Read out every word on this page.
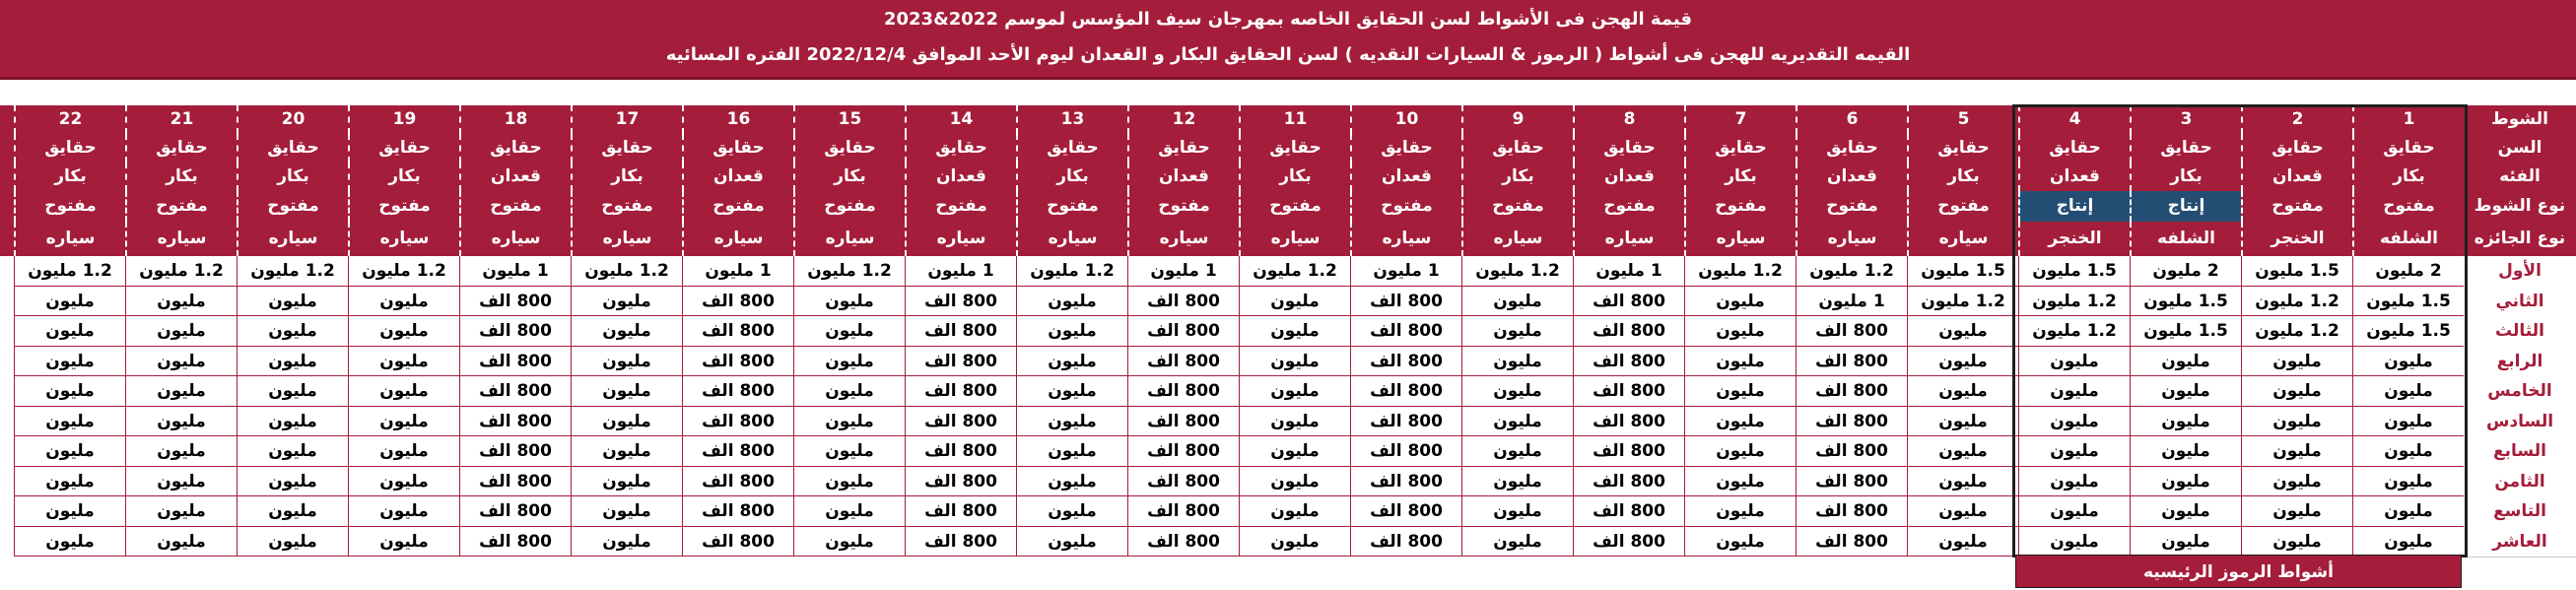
قيمة الهجن فى الأشواط لسن الحقايق الخاصه بمهرجان سيف المؤسس لموسم 2022&2023
القيمه التقديريه للهجن فى أشواط ( الرموز & السيارات النقديه ) لسن الحقايق البكار و القعدان ليوم الأحد الموافق 2022/12/4 الفتره المسائيه
الشوط
السن
الفئه
نوع الشوط
نوع الجائزه
الأول
الثاني
الثالث
الرابع
الخامس
السادس
السابع
الثامن
التاسع
العاشر
1
حقايق
بكار
مفتوح
الشلفه
2 مليون
1.5 مليون
1.5 مليون
مليون
مليون
مليون
مليون
مليون
مليون
مليون
2
حقايق
قعدان
مفتوح
الخنجر
1.5 مليون
1.2 مليون
1.2 مليون
مليون
مليون
مليون
مليون
مليون
مليون
مليون
3
حقايق
بكار
إنتاج
الشلفه
2 مليون
1.5 مليون
1.5 مليون
مليون
مليون
مليون
مليون
مليون
مليون
مليون
4
حقايق
قعدان
إنتاج
الخنجر
1.5 مليون
1.2 مليون
1.2 مليون
مليون
مليون
مليون
مليون
مليون
مليون
مليون
5
حقايق
بكار
مفتوح
سياره
1.5 مليون
1.2 مليون
مليون
مليون
مليون
مليون
مليون
مليون
مليون
مليون
6
حقايق
قعدان
مفتوح
سياره
1.2 مليون
1 مليون
800 الف
800 الف
800 الف
800 الف
800 الف
800 الف
800 الف
800 الف
7
حقايق
بكار
مفتوح
سياره
1.2 مليون
مليون
مليون
مليون
مليون
مليون
مليون
مليون
مليون
مليون
8
حقايق
قعدان
مفتوح
سياره
1 مليون
800 الف
800 الف
800 الف
800 الف
800 الف
800 الف
800 الف
800 الف
800 الف
9
حقايق
بكار
مفتوح
سياره
1.2 مليون
مليون
مليون
مليون
مليون
مليون
مليون
مليون
مليون
مليون
10
حقايق
قعدان
مفتوح
سياره
1 مليون
800 الف
800 الف
800 الف
800 الف
800 الف
800 الف
800 الف
800 الف
800 الف
11
حقايق
بكار
مفتوح
سياره
1.2 مليون
مليون
مليون
مليون
مليون
مليون
مليون
مليون
مليون
مليون
12
حقايق
قعدان
مفتوح
سياره
1 مليون
800 الف
800 الف
800 الف
800 الف
800 الف
800 الف
800 الف
800 الف
800 الف
13
حقايق
بكار
مفتوح
سياره
1.2 مليون
مليون
مليون
مليون
مليون
مليون
مليون
مليون
مليون
مليون
14
حقايق
قعدان
مفتوح
سياره
1 مليون
800 الف
800 الف
800 الف
800 الف
800 الف
800 الف
800 الف
800 الف
800 الف
15
حقايق
بكار
مفتوح
سياره
1.2 مليون
مليون
مليون
مليون
مليون
مليون
مليون
مليون
مليون
مليون
16
حقايق
قعدان
مفتوح
سياره
1 مليون
800 الف
800 الف
800 الف
800 الف
800 الف
800 الف
800 الف
800 الف
800 الف
17
حقايق
بكار
مفتوح
سياره
1.2 مليون
مليون
مليون
مليون
مليون
مليون
مليون
مليون
مليون
مليون
18
حقايق
قعدان
مفتوح
سياره
1 مليون
800 الف
800 الف
800 الف
800 الف
800 الف
800 الف
800 الف
800 الف
800 الف
19
حقايق
بكار
مفتوح
سياره
1.2 مليون
مليون
مليون
مليون
مليون
مليون
مليون
مليون
مليون
مليون
20
حقايق
بكار
مفتوح
سياره
1.2 مليون
مليون
مليون
مليون
مليون
مليون
مليون
مليون
مليون
مليون
21
حقايق
بكار
مفتوح
سياره
1.2 مليون
مليون
مليون
مليون
مليون
مليون
مليون
مليون
مليون
مليون
22
حقايق
بكار
مفتوح
سياره
1.2 مليون
مليون
مليون
مليون
مليون
مليون
مليون
مليون
مليون
مليون
أشواط الرموز الرئيسيه
